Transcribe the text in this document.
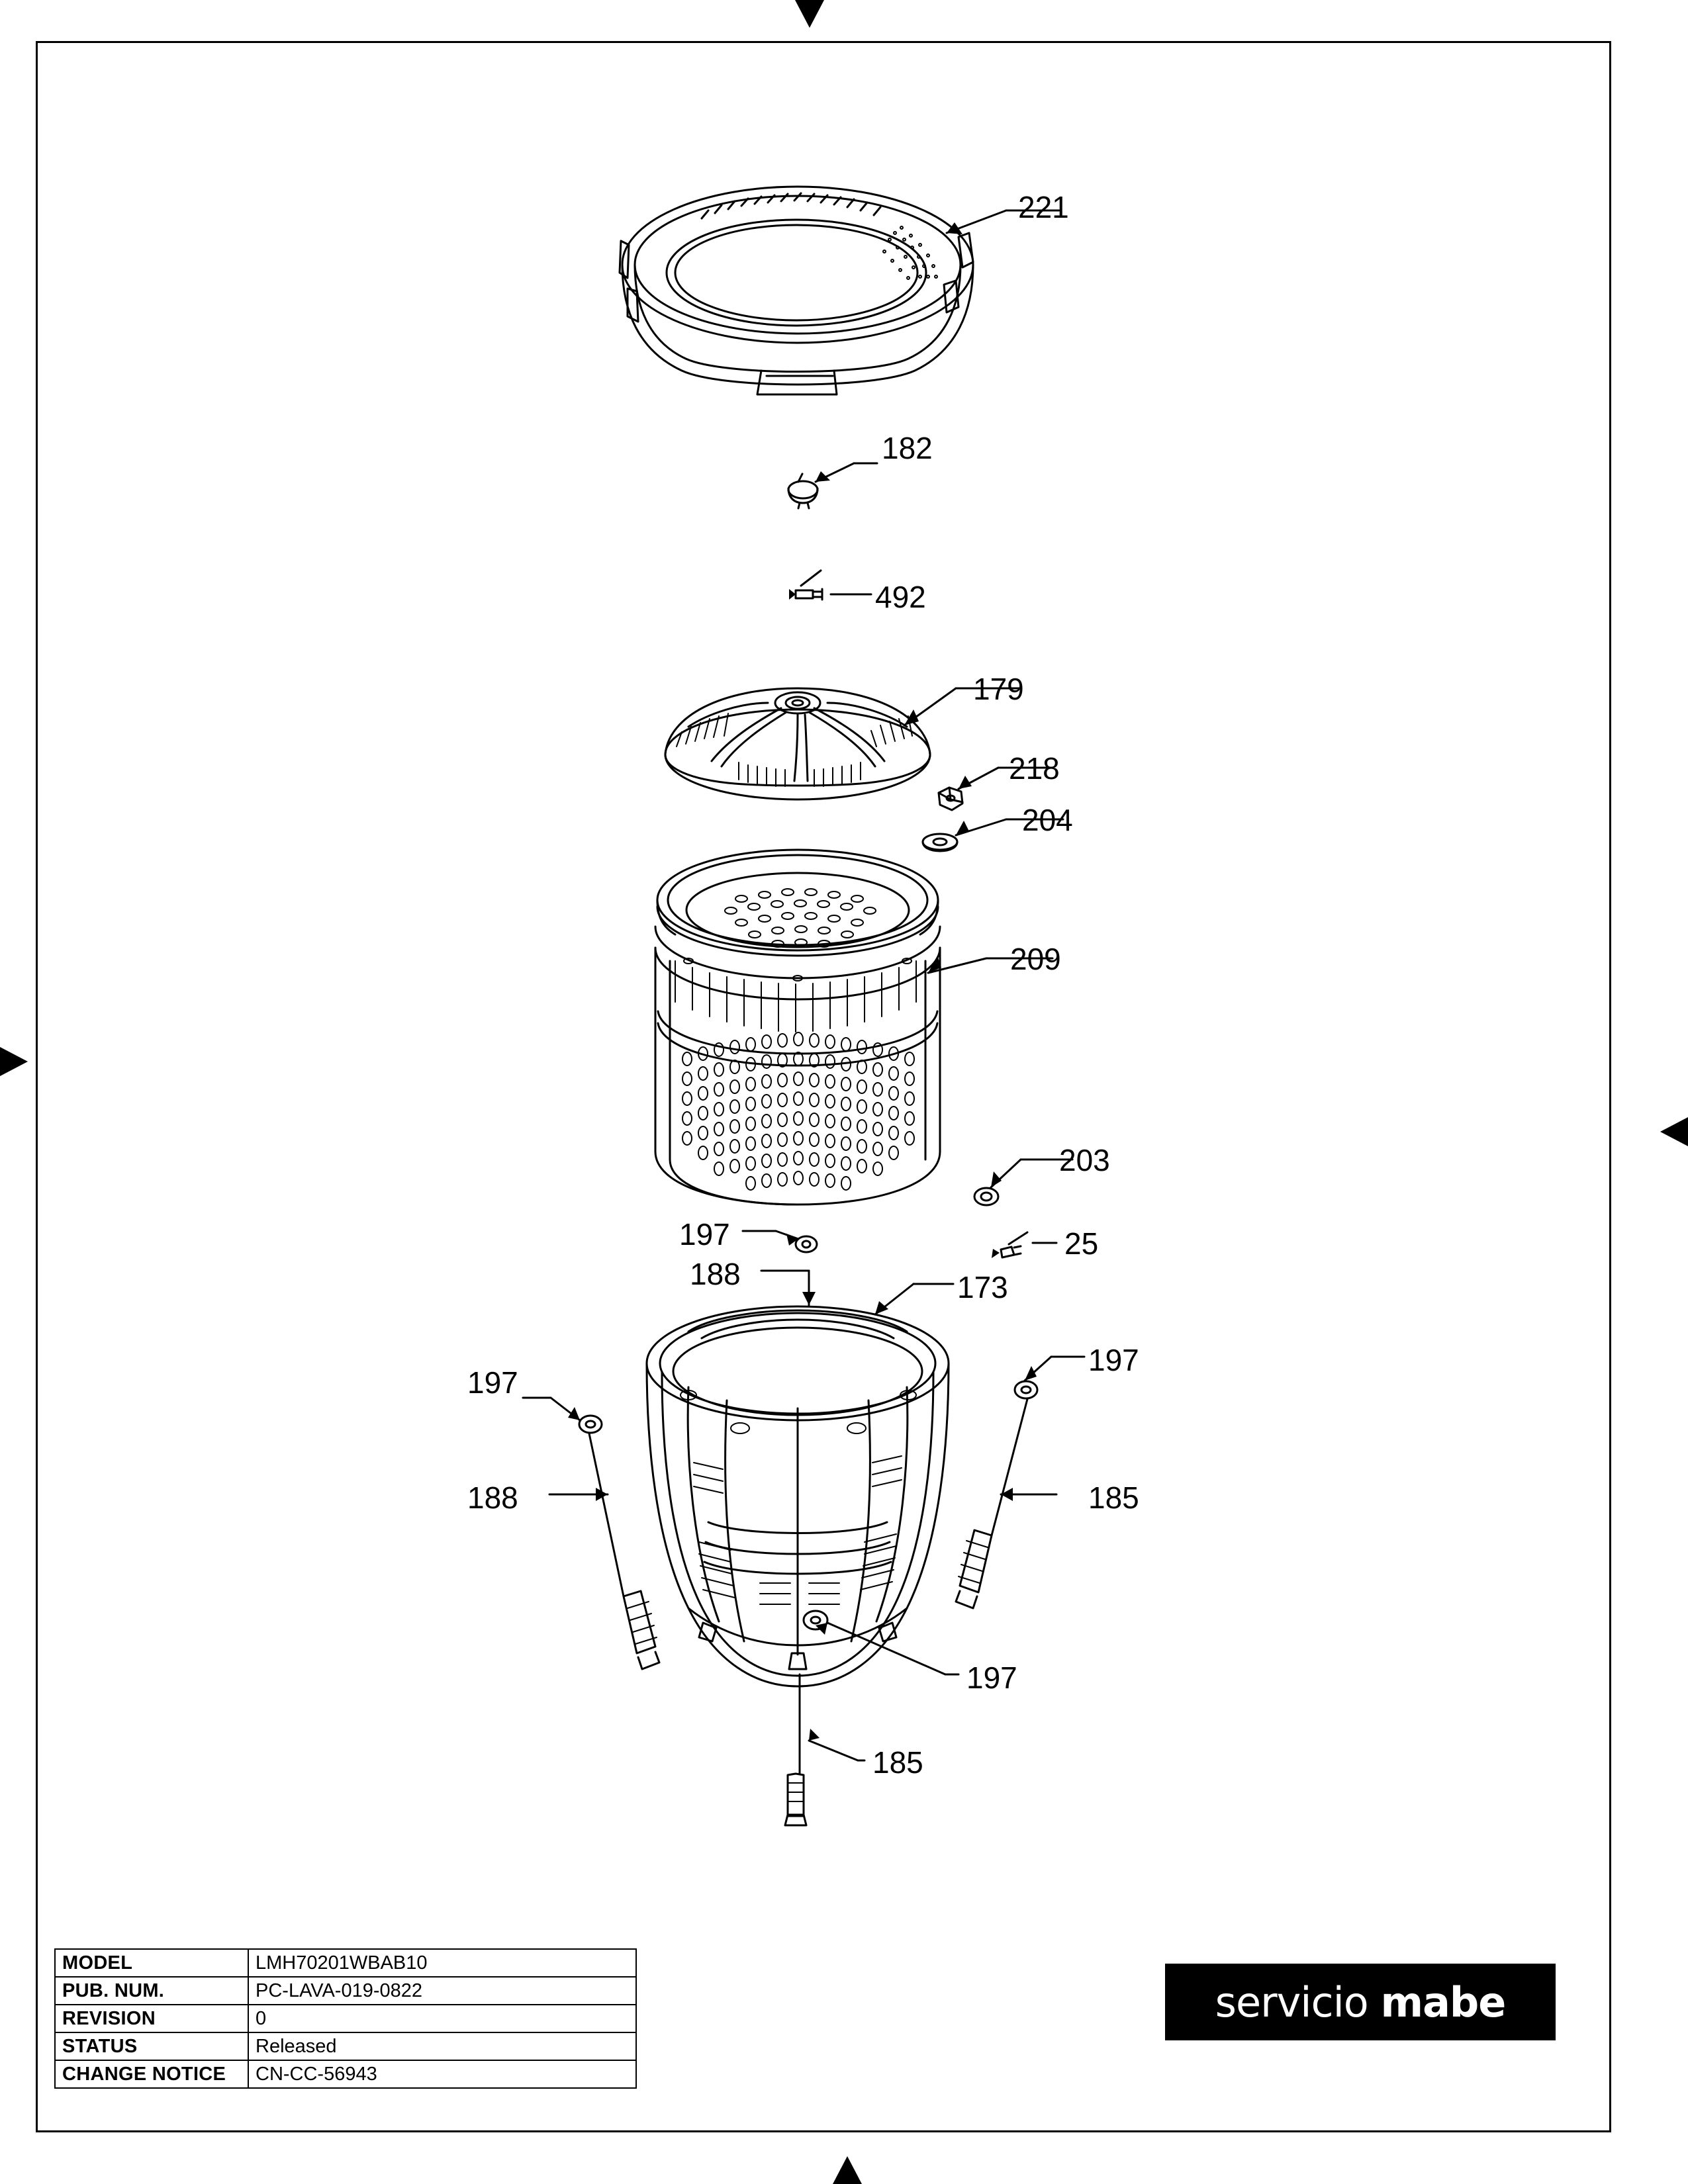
221
182
492
179
218
204
209
203
197	25
188	173
197
197
185
188
197
185
MODEL	LMH70201WBAB10
PUB. NUM.	PC-LAVA-019-0822
REVISION	0
STATUS	Released
CHANGE NOTICE	CN-CC-56943
servicio mabe
